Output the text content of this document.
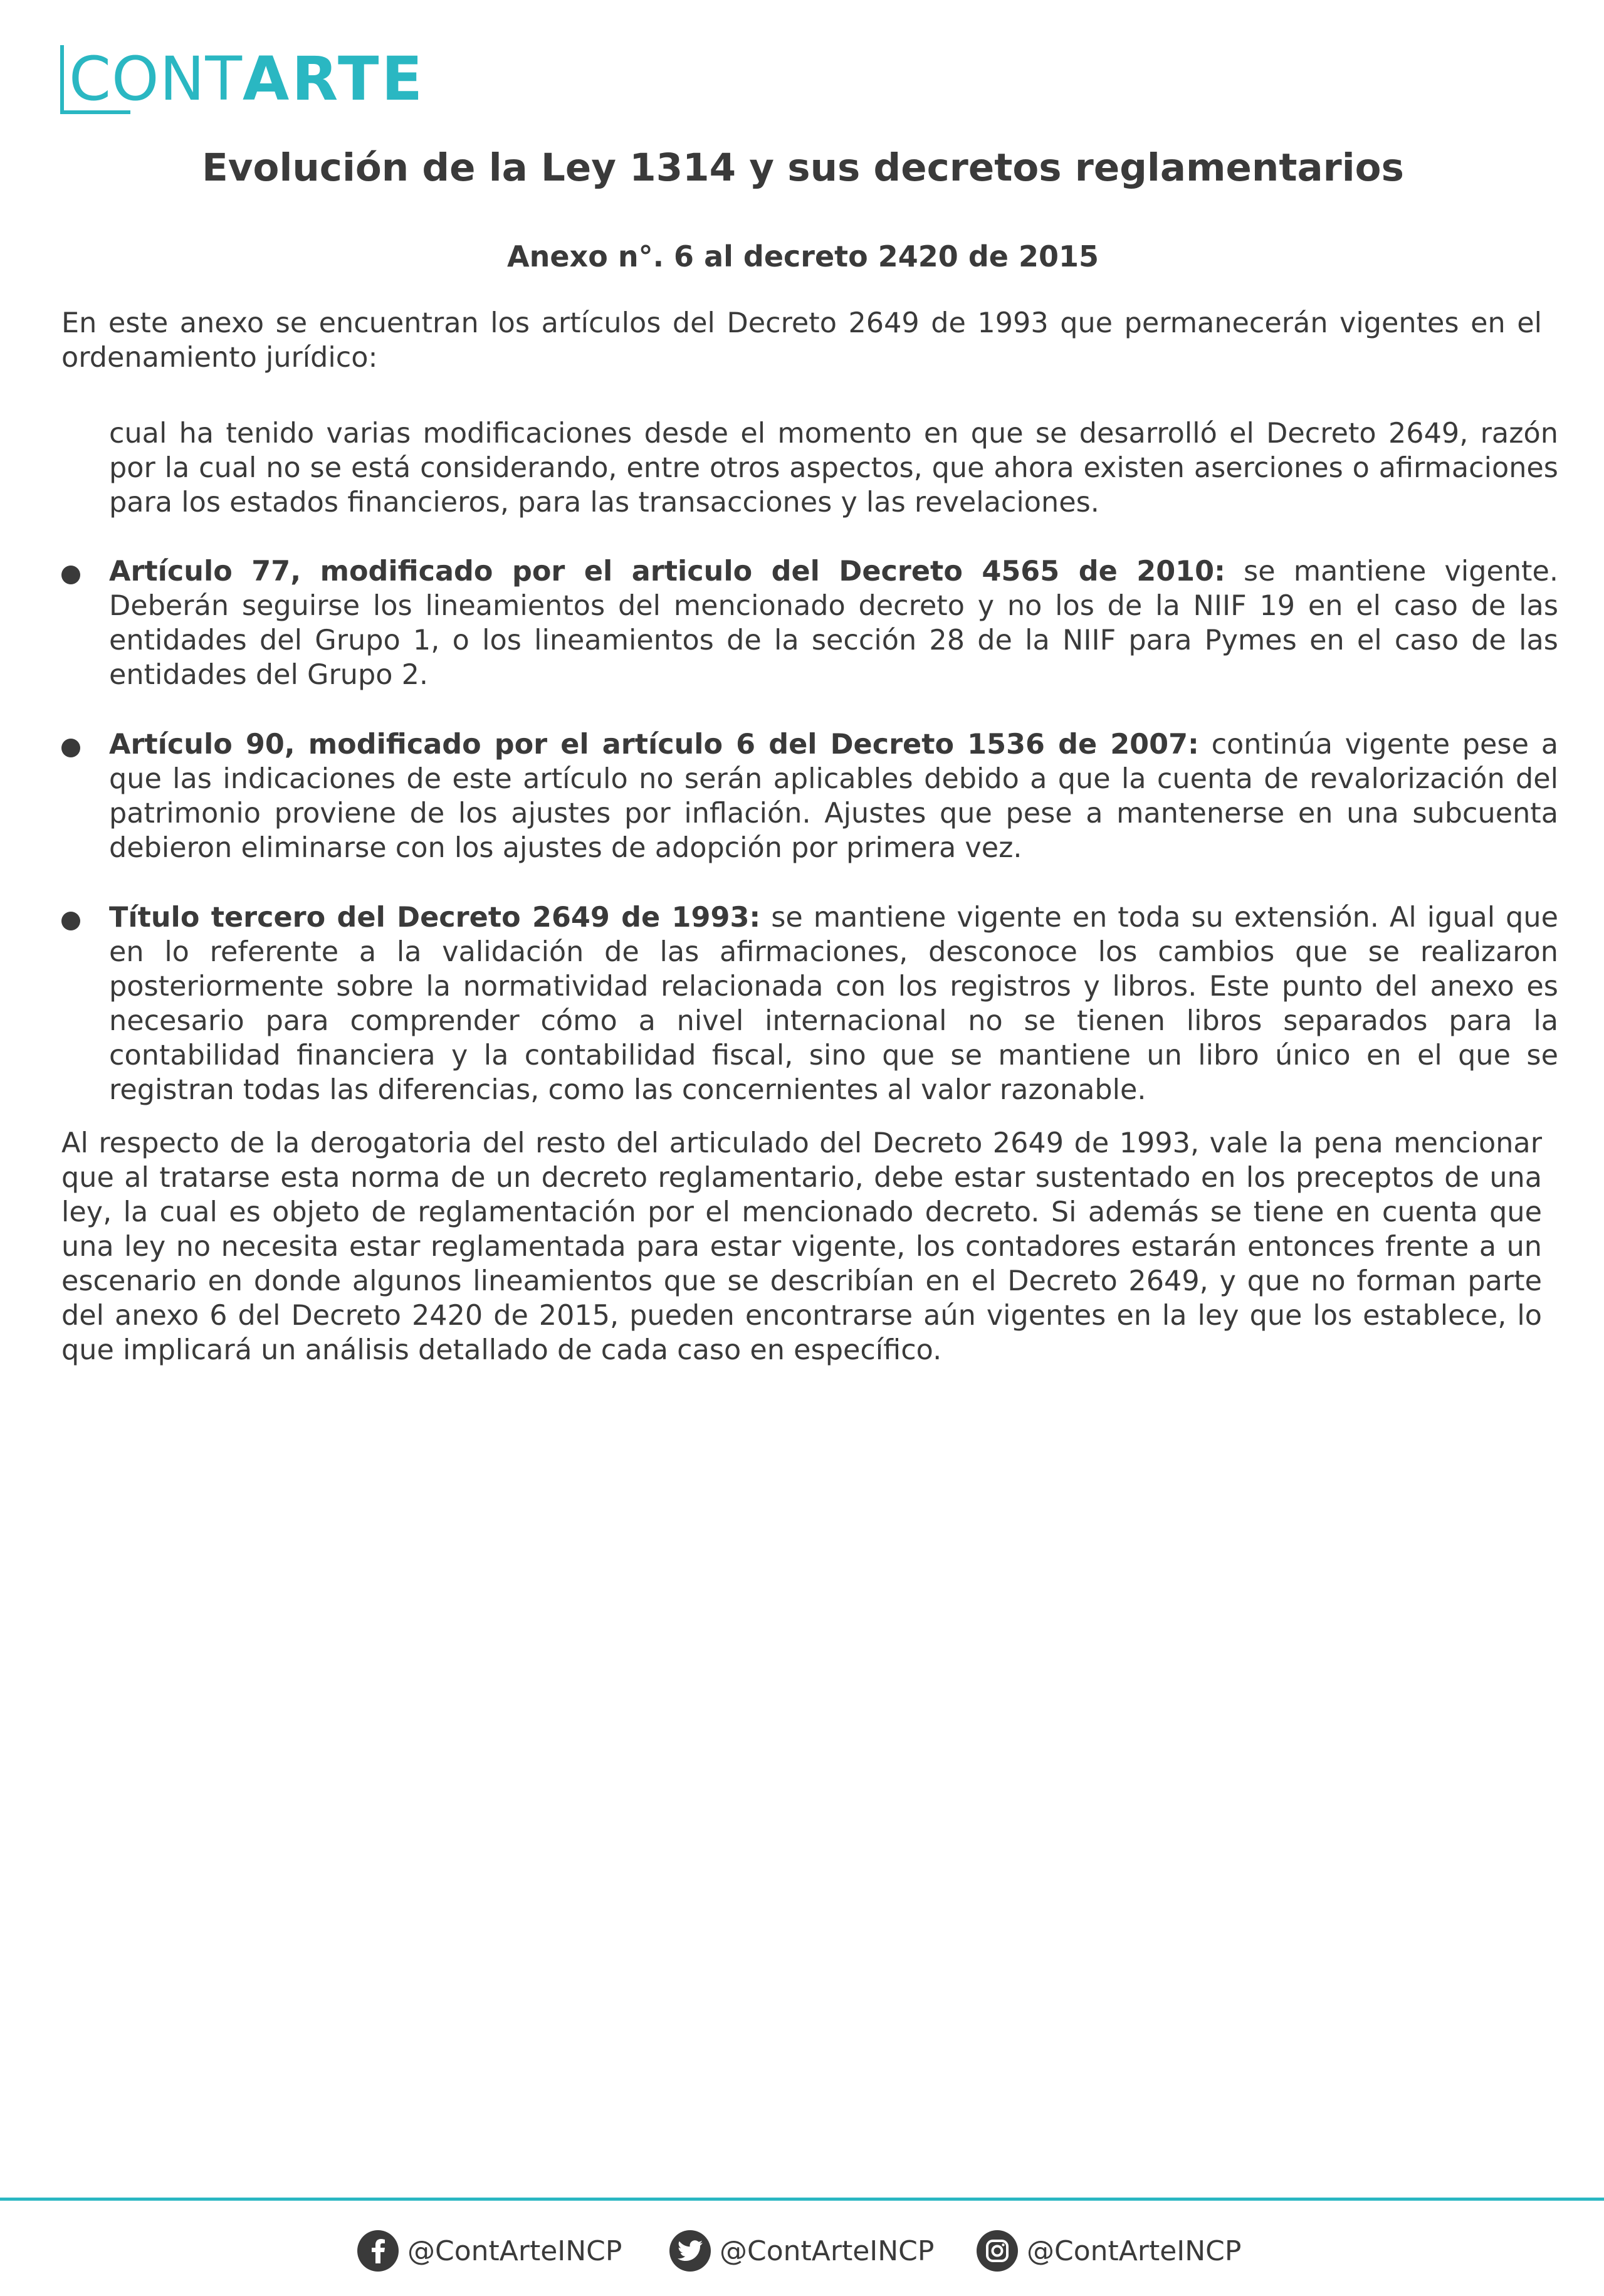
CONTARTE
Evolución de la Ley 1314 y sus decretos reglamentarios
Anexo n°. 6 al decreto 2420 de 2015

En este anexo se encuentran los artículos del Decreto 2649 de 1993 que permanecerán vigentes en el ordenamiento jurídico:

cual ha tenido varias modificaciones desde el momento en que se desarrolló el Decreto 2649, razón por la cual no se está considerando, entre otros aspectos, que ahora existen aserciones o afirmaciones para los estados financieros, para las transacciones y las revelaciones.

Artículo 77, modificado por el articulo del Decreto 4565 de 2010: se mantiene vigente. Deberán seguirse los lineamientos del mencionado decreto y no los de la NIIF 19 en el caso de las entidades del Grupo 1, o los lineamientos de la sección 28 de la NIIF para Pymes en el caso de las entidades del Grupo 2.

Artículo 90, modificado por el artículo 6 del Decreto 1536 de 2007: continúa vigente pese a que las indicaciones de este artículo no serán aplicables debido a que la cuenta de revalorización del patrimonio proviene de los ajustes por inflación. Ajustes que pese a mantenerse en una subcuenta debieron eliminarse con los ajustes de adopción por primera vez.

Título tercero del Decreto 2649 de 1993: se mantiene vigente en toda su extensión. Al igual que en lo referente a la validación de las afirmaciones, desconoce los cambios que se realizaron posteriormente sobre la normatividad relacionada con los registros y libros. Este punto del anexo es necesario para comprender cómo a nivel internacional no se tienen libros separados para la contabilidad financiera y la contabilidad fiscal, sino que se mantiene un libro único en el que se registran todas las diferencias, como las concernientes al valor razonable.

Al respecto de la derogatoria del resto del articulado del Decreto 2649 de 1993, vale la pena mencionar que al tratarse esta norma de un decreto reglamentario, debe estar sustentado en los preceptos de una ley, la cual es objeto de reglamentación por el mencionado decreto. Si además se tiene en cuenta que una ley no necesita estar reglamentada para estar vigente, los contadores estarán entonces frente a un escenario en donde algunos lineamientos que se describían en el Decreto 2649, y que no forman parte del anexo 6 del Decreto 2420 de 2015, pueden encontrarse aún vigentes en la ley que los establece, lo que implicará un análisis detallado de cada caso en específico.

@ContArteINCP	@ContArteINCP	@ContArteINCP
